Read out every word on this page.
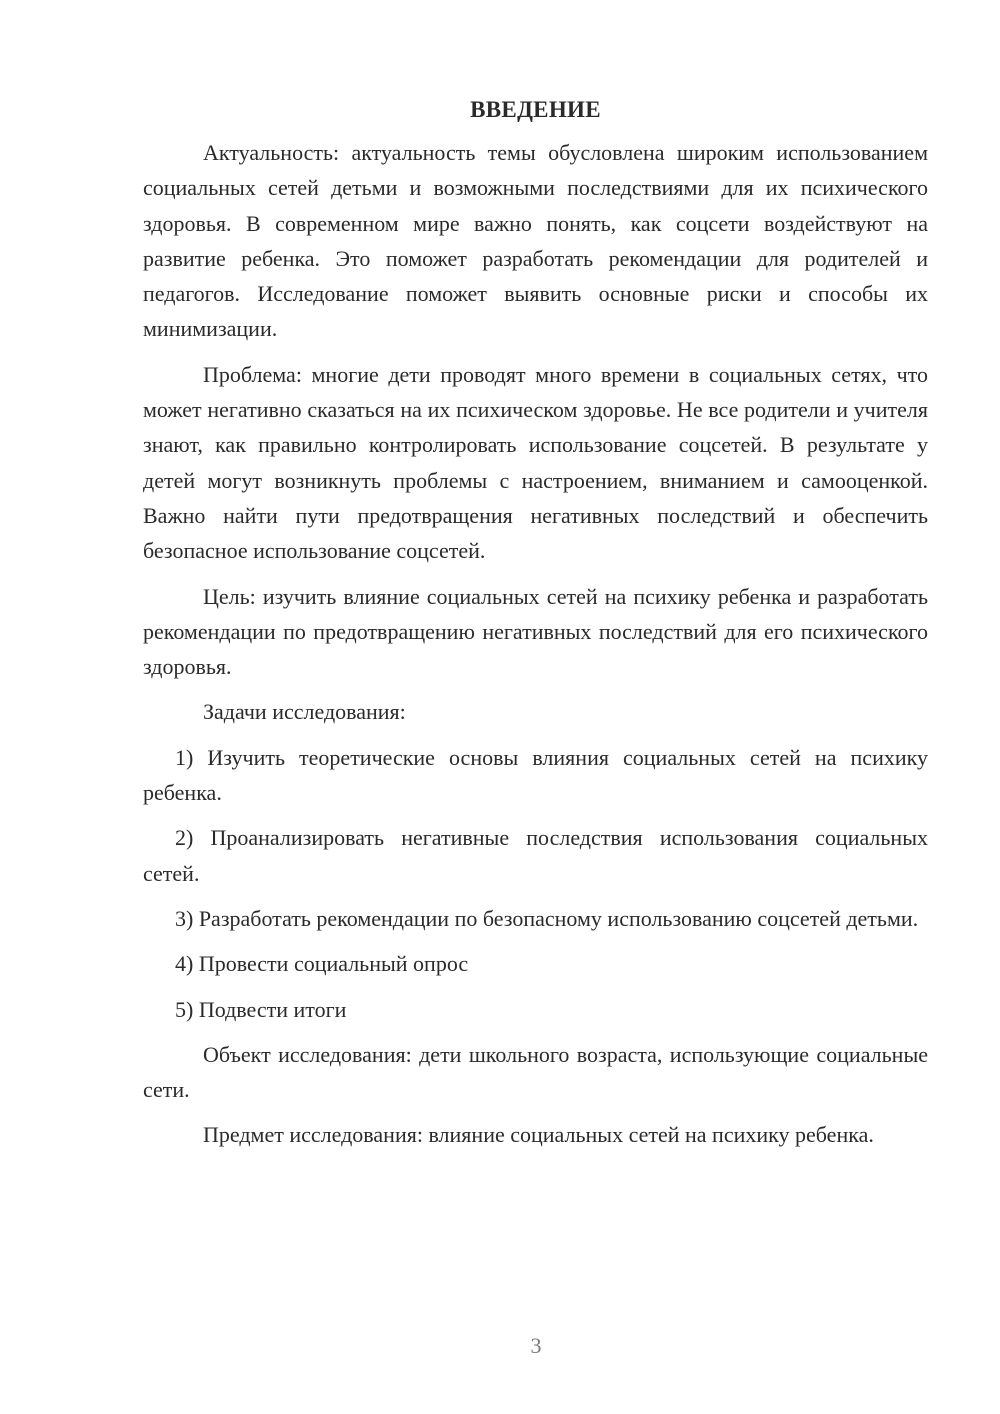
ВВЕДЕНИЕ

Актуальность: актуальность темы обусловлена широким использованием социальных сетей детьми и возможными последствиями для их психического здоровья. В современном мире важно понять, как соцсети воздействуют на развитие ребенка. Это поможет разработать рекомендации для родителей и педагогов. Исследование поможет выявить основные риски и способы их минимизации.

Проблема: многие дети проводят много времени в социальных сетях, что может негативно сказаться на их психическом здоровье. Не все родители и учителя знают, как правильно контролировать использование соцсетей. В результате у детей могут возникнуть проблемы с настроением, вниманием и самооценкой. Важно найти пути предотвращения негативных последствий и обеспечить безопасное использование соцсетей.

Цель: изучить влияние социальных сетей на психику ребенка и разработать рекомендации по предотвращению негативных последствий для его психического здоровья.

Задачи исследования:

1) Изучить теоретические основы влияния социальных сетей на психику ребенка.

2) Проанализировать негативные последствия использования социальных сетей.

3) Разработать рекомендации по безопасному использованию соцсетей детьми.

4) Провести социальный опрос

5) Подвести итоги

Объект исследования: дети школьного возраста, использующие социальные сети.

Предмет исследования: влияние социальных сетей на психику ребенка.

3
